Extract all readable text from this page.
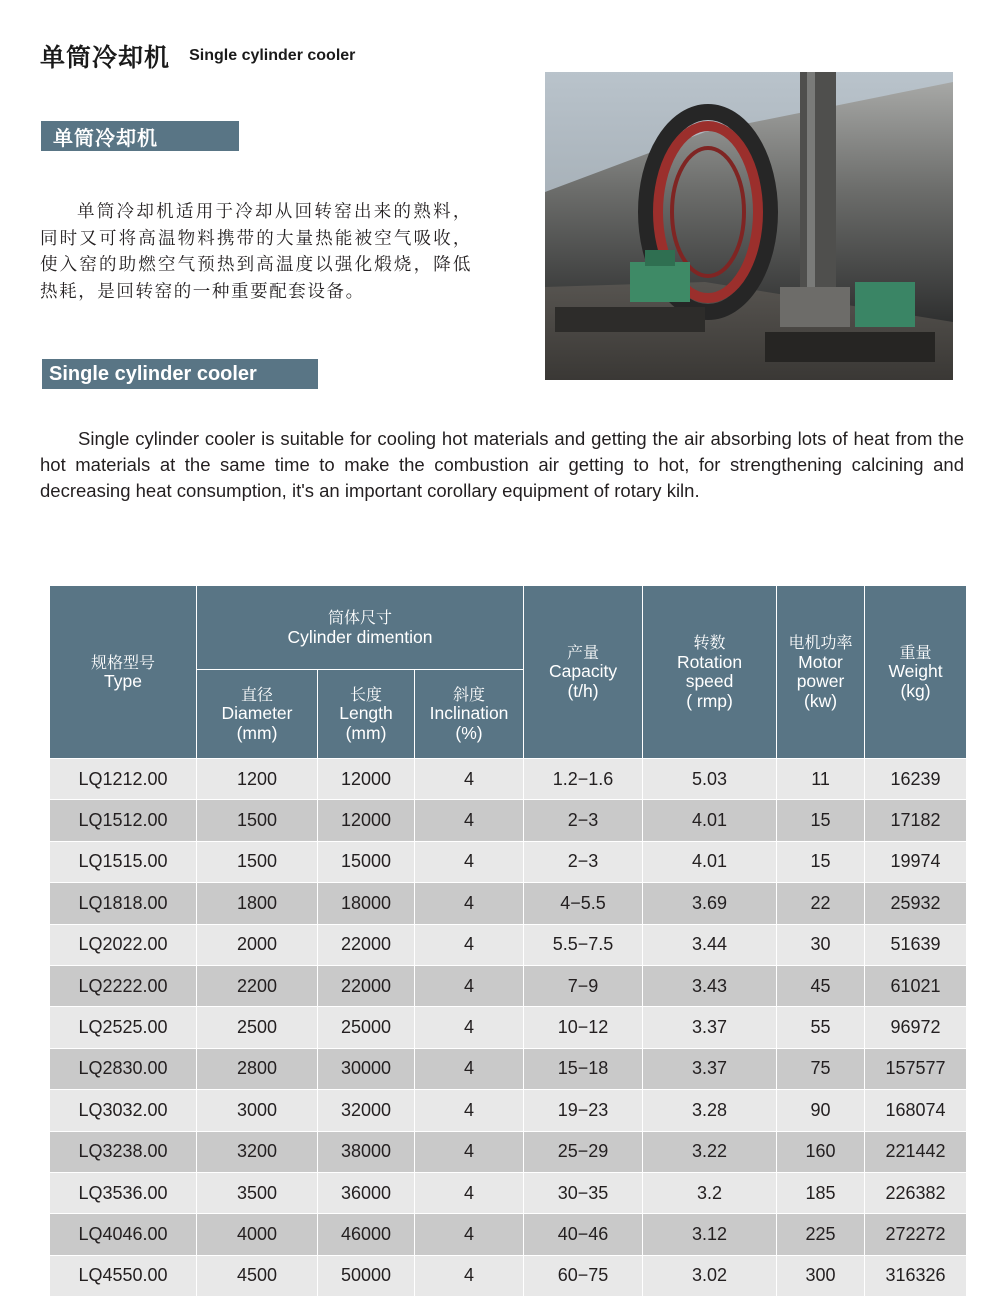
单筒冷却机 Single cylinder cooler
单筒冷却机

单筒冷却机适用于冷却从回转窑出来的熟料，同时又可将高温物料携带的大量热能被空气吸收，使入窑的助燃空气预热到高温度以强化煅烧，降低热耗，是回转窑的一种重要配套设备。

Single cylinder cooler

Single cylinder cooler is suitable for cooling hot materials and getting the air absorbing lots of heat from the hot materials at the same time to make the combustion air getting to hot, for strengthening calcining and decreasing heat consumption, it's an important corollary equipment of rotary kiln.

规格型号
Type	筒体尺寸
Cylinder dimention			产量
Capacity
(t/h)	转数
Rotation
speed
( rmp)	电机功率
Motor
power
(kw)	重量
Weight
(kg)

	直径
Diameter
(mm)	长度
Length
(mm)	斜度
Inclination
(%)				

LQ1212.00	1200	12000	4	1.2−1.6	5.03	11	16239
LQ1512.00	1500	12000	4	2−3	4.01	15	17182
LQ1515.00	1500	15000	4	2−3	4.01	15	19974
LQ1818.00	1800	18000	4	4−5.5	3.69	22	25932
LQ2022.00	2000	22000	4	5.5−7.5	3.44	30	51639
LQ2222.00	2200	22000	4	7−9	3.43	45	61021
LQ2525.00	2500	25000	4	10−12	3.37	55	96972
LQ2830.00	2800	30000	4	15−18	3.37	75	157577
LQ3032.00	3000	32000	4	19−23	3.28	90	168074
LQ3238.00	3200	38000	4	25−29	3.22	160	221442
LQ3536.00	3500	36000	4	30−35	3.2	185	226382
LQ4046.00	4000	46000	4	40−46	3.12	225	272272
LQ4550.00	4500	50000	4	60−75	3.02	300	316326
